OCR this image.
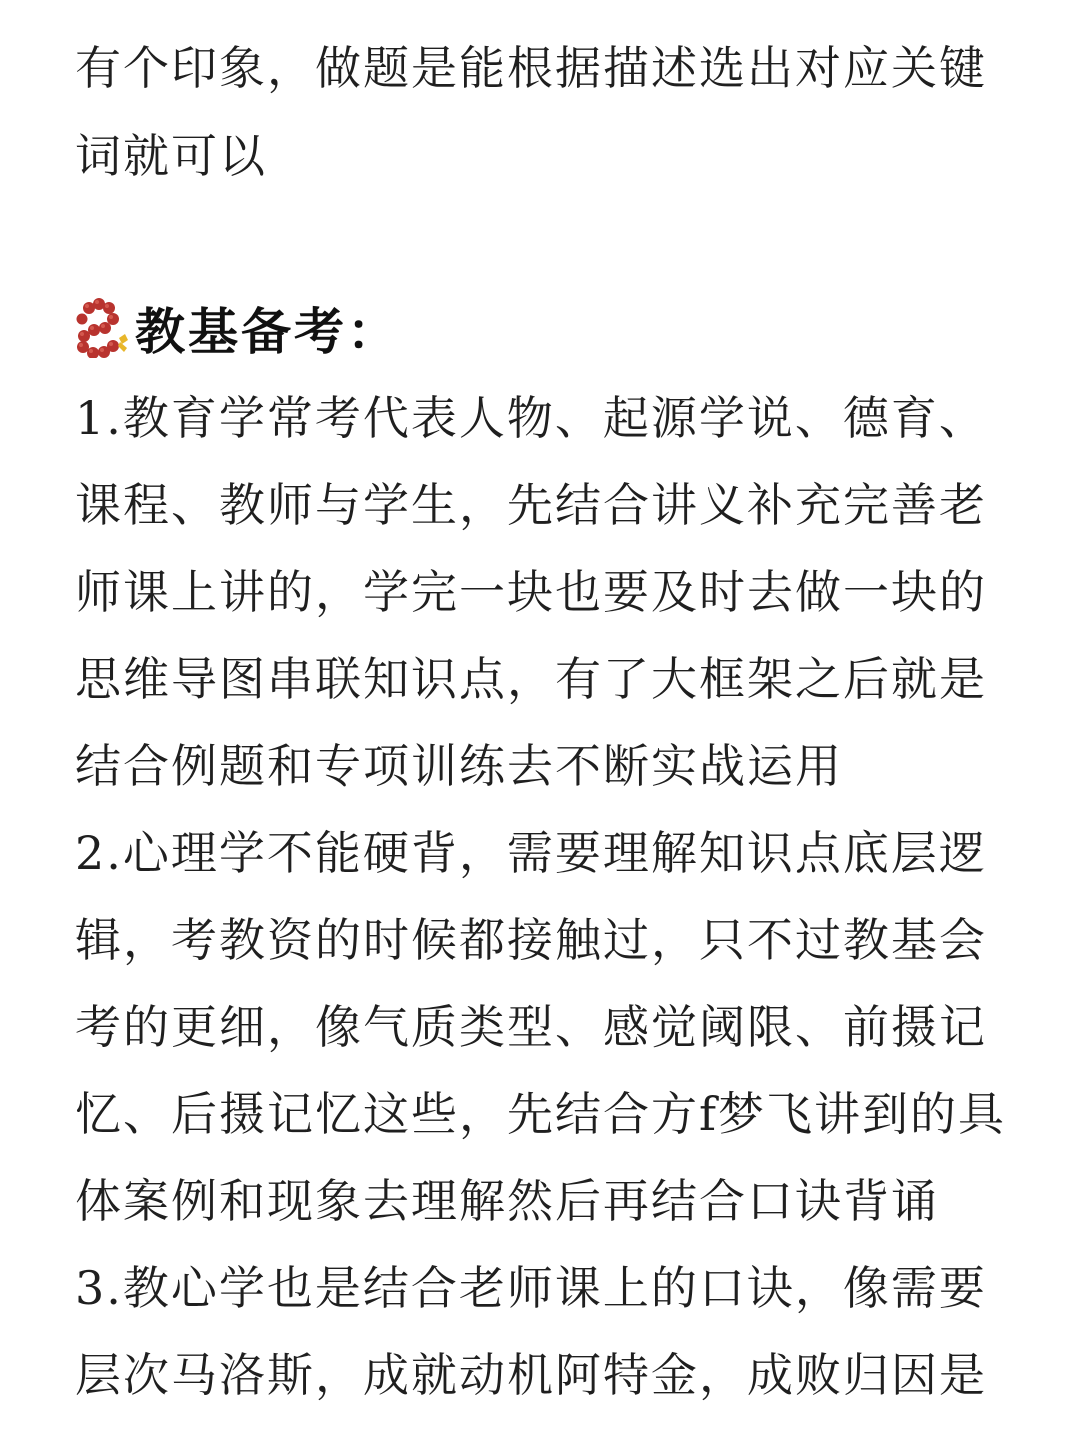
有个印象，做题是能根据描述选出对应关键
词就可以
教基备考：
1.教育学常考代表人物、起源学说、德育、
课程、教师与学生，先结合讲义补充完善老
师课上讲的，学完一块也要及时去做一块的
思维导图串联知识点，有了大框架之后就是
结合例题和专项训练去不断实战运用
2.心理学不能硬背，需要理解知识点底层逻
辑，考教资的时候都接触过，只不过教基会
考的更细，像气质类型、感觉阈限、前摄记
忆、后摄记忆这些，先结合方f梦飞讲到的具
体案例和现象去理解然后再结合口诀背诵
3.教心学也是结合老师课上的口诀，像需要
层次马洛斯，成就动机阿特金，成败归因是
